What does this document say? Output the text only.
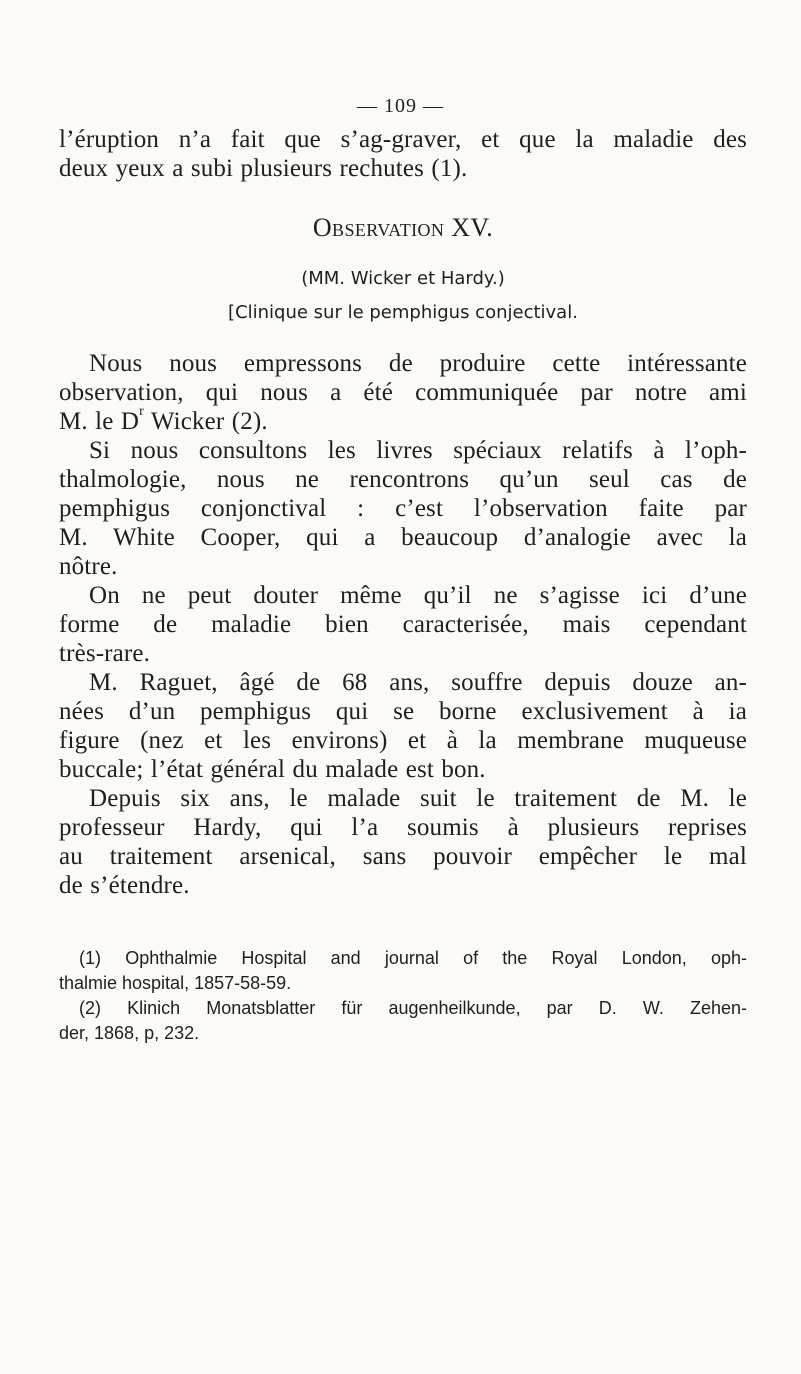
— 109 —
l’éruption n’a fait que s’ag-graver, et que la maladie des
deux yeux a subi plusieurs rechutes (1).
Observation XV.
(MM. Wicker et Hardy.)
[Clinique sur le pemphigus conjectival.
Nous nous empressons de produire cette intéressante
observation, qui nous a été communiquée par notre ami
M. le $D^r$ Wicker (2).
Si nous consultons les livres spéciaux relatifs à l’oph-
thalmologie, nous ne rencontrons qu’un seul cas de
pemphigus conjonctival : c’est l’observation faite par
M. White Cooper, qui a beaucoup d’analogie avec la
nôtre.
On ne peut douter même qu’il ne s’agisse ici d’une
forme de maladie bien caracterisée, mais cependant
très-rare.
M. Raguet, âgé de 68 ans, souffre depuis douze an-
nées d’un pemphigus qui se borne exclusivement à ia
figure (nez et les environs) et à la membrane muqueuse
buccale; l’état général du malade est bon.
Depuis six ans, le malade suit le traitement de M. le
professeur Hardy, qui l’a soumis à plusieurs reprises
au traitement arsenical, sans pouvoir empêcher le mal
de s’étendre.
(1) Ophthalmie Hospital and journal of the Royal London, oph-
thalmie hospital, 1857-58-59.
(2) Klinich Monatsblatter für augenheilkunde, par D. W. Zehen-
der, 1868, p, 232.
